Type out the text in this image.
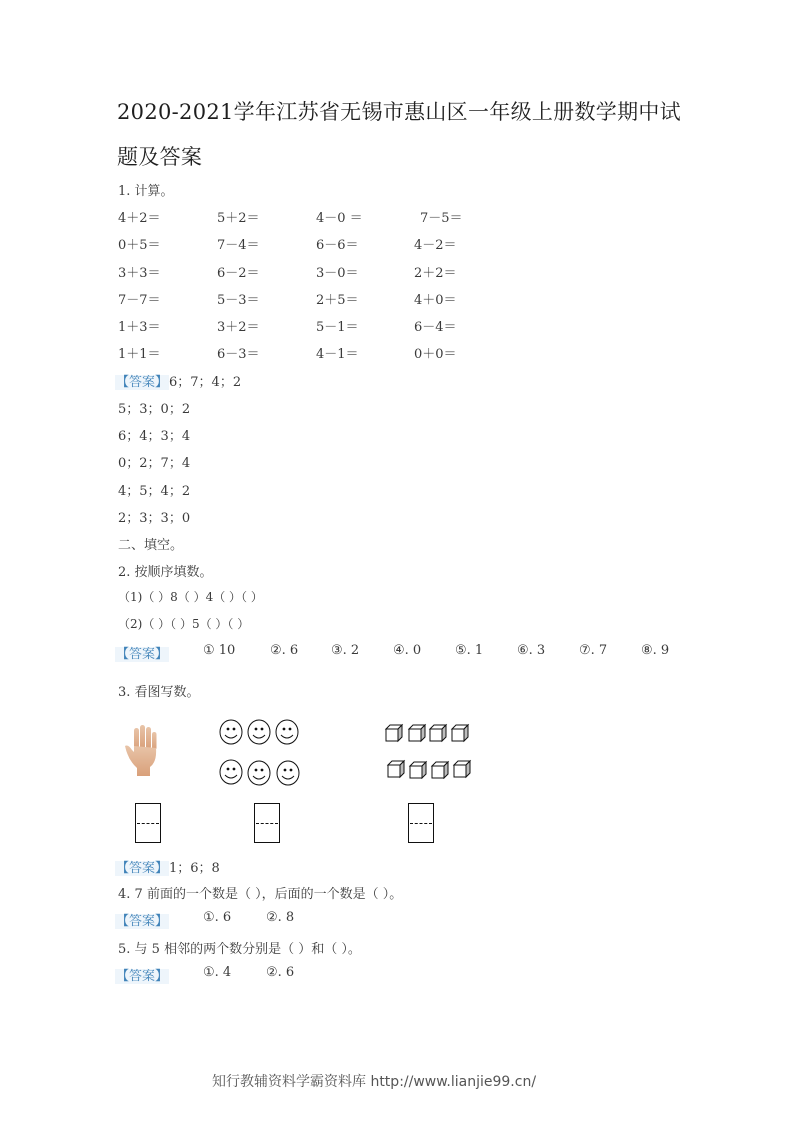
2020-2021学年江苏省无锡市惠山区一年级上册数学期中试
题及答案
1. 计算。
4＋2＝	5＋2＝	4－0 ＝	7－5＝
0＋5＝	7－4＝	6－6＝	4－2＝
3＋3＝	6－2＝	3－0＝	2＋2＝
7－7＝	5－3＝	2＋5＝	4＋0＝
1＋3＝	3＋2＝	5－1＝	6－4＝
1＋1＝	6－3＝	4－1＝	0＋0＝
【答案】6；7；4；2
5；3；0；2
6；4；3；4
0；2；7；4
4；5；4；2
2；3；3；0
二、填空。
2. 按顺序填数。
（1)（ ）8（ ）4（ ）（ ）
（2)（ ）（ ）5（ ）（ ）
【答案】	① 10	②. 6	③. 2	④. 0	⑤. 1	⑥. 3	⑦. 7	⑧. 9
3. 看图写数。
【答案】1；6；8
4. 7 前面的一个数是（ ），后面的一个数是（ ）。
【答案】	①. 6	②. 8
5. 与 5 相邻的两个数分别是（ ）和（ ）。
【答案】	①. 4	②. 6
知行教辅资料学霸资料库 http://www.lianjie99.cn/
